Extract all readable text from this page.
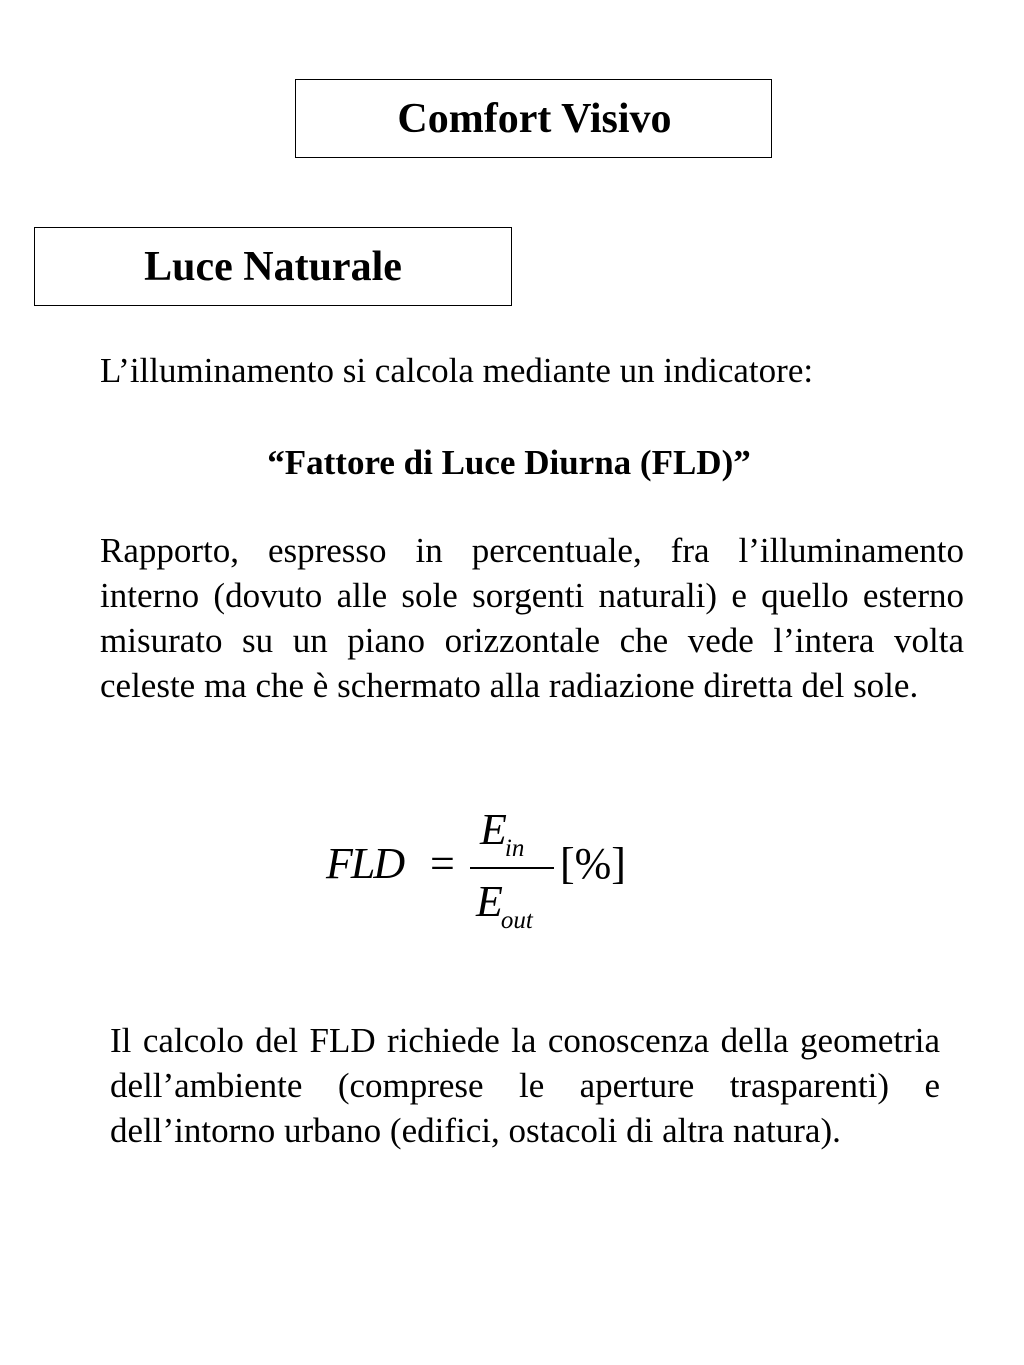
Comfort Visivo
Luce Naturale
L’illuminamento si calcola mediante un indicatore:
“Fattore di Luce Diurna (FLD)”

Rapporto, espresso in percentuale, fra l’illuminamento interno (dovuto alle sole sorgenti naturali) e quello esterno misurato su un piano orizzontale che vede l’intera volta celeste ma che è schermato alla radiazione diretta del sole.

FLD =
$E_{in}$
$E_{out}$
[%]

Il calcolo del FLD richiede la conoscenza della geometria dell’ambiente (comprese le aperture trasparenti) e dell’intorno urbano (edifici, ostacoli di altra natura).
